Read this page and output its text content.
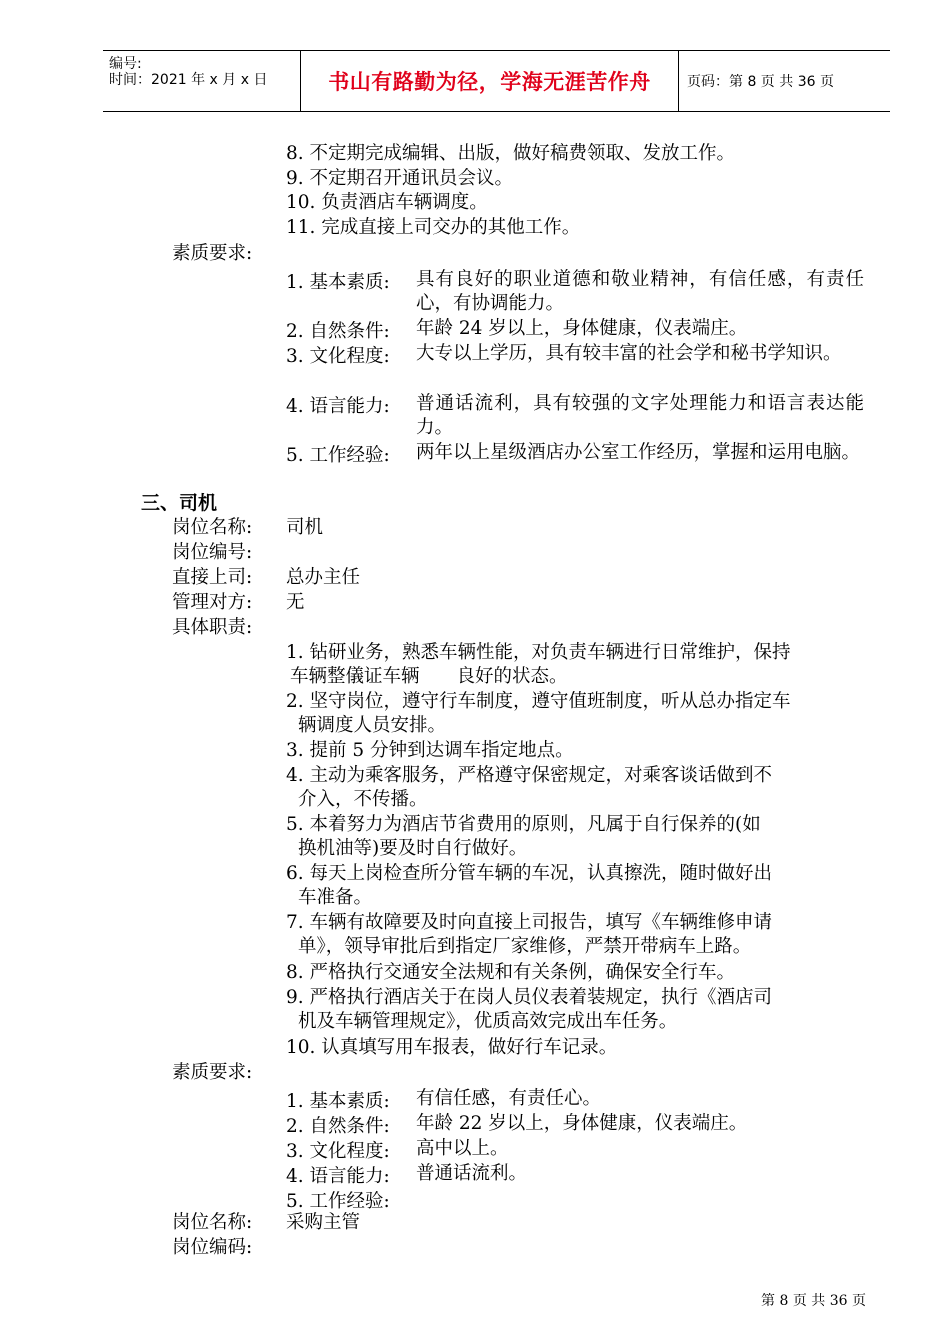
编号:
时间：2021 年 x 月 x 日	书山有路勤为径，学海无涯苦作舟	页码：第 8 页 共 36 页
8. 不定期完成编辑、出版，做好稿费领取、发放工作。
9. 不定期召开通讯员会议。
10. 负责酒店车辆调度。
11. 完成直接上司交办的其他工作。
素质要求:
1. 基本素质: 具有良好的职业道德和敬业精神，有信任感，有责任心，有协调能力。
2. 自然条件: 年龄 24 岁以上，身体健康，仪表端庄。
3. 文化程度: 大专以上学历，具有较丰富的社会学和秘书学知识。
4. 语言能力: 普通话流利，具有较强的文字处理能力和语言表达能力。
5. 工作经验: 两年以上星级酒店办公室工作经历，掌握和运用电脑。
三、司机
岗位名称: 司机
岗位编号:
直接上司: 总办主任
管理对方: 无
具体职责:
1. 钻研业务，熟悉车辆性能，对负责车辆进行日常维护，保持
车辆整儀证车辆　　良好的状态。
2. 坚守岗位，遵守行车制度，遵守值班制度，听从总办指定车
辆调度人员安排。
3. 提前 5 分钟到达调车指定地点。
4. 主动为乘客服务，严格遵守保密规定，对乘客谈话做到不
介入，不传播。
5. 本着努力为酒店节省费用的原则，凡属于自行保养的(如
换机油等)要及时自行做好。
6. 每天上岗检查所分管车辆的车况，认真擦洗，随时做好出
车准备。
7. 车辆有故障要及时向直接上司报告，填写《车辆维修申请
单》，领导审批后到指定厂家维修，严禁开带病车上路。
8. 严格执行交通安全法规和有关条例，确保安全行车。
9. 严格执行酒店关于在岗人员仪表着装规定，执行《酒店司
机及车辆管理规定》，优质高效完成出车任务。
10. 认真填写用车报表，做好行车记录。
素质要求:
1. 基本素质: 有信任感，有责任心。
2. 自然条件: 年龄 22 岁以上，身体健康，仪表端庄。
3. 文化程度: 高中以上。
4. 语言能力: 普通话流利。
5. 工作经验:
岗位名称: 采购主管
岗位编码:
第 8 页 共 36 页
